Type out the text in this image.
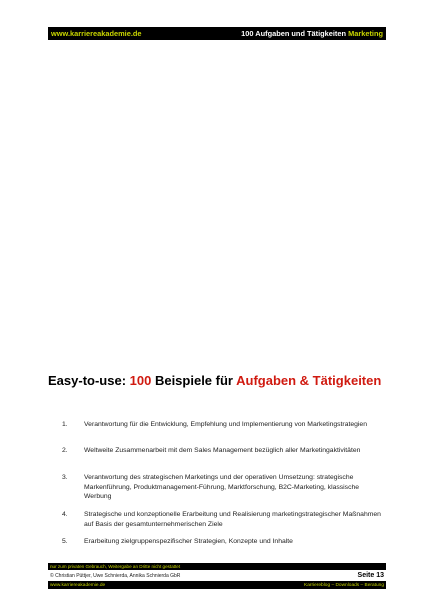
www.karriereakademie.de	100 Aufgaben und Tätigkeiten Marketing
Easy-to-use: 100 Beispiele für Aufgaben & Tätigkeiten
1.	Verantwortung für die Entwicklung, Empfehlung und Implementierung von Marketingstrategien
2.	Weltweite Zusammenarbeit mit dem Sales Management bezüglich aller Marketingaktivitäten
3.	Verantwortung des strategischen Marketings und der operativen Umsetzung: strategische Markenführung, Produktmanagement-Führung, Marktforschung, B2C-Marketing, klassische Werbung
4.	Strategische und konzeptionelle Erarbeitung und Realisierung marketingstrategischer Maßnahmen auf Basis der gesamtunternehmerischen Ziele
5.	Erarbeitung zielgruppenspezifischer Strategien, Konzepte und Inhalte
nur zum privaten Gebrauch, Weitergabe an Dritte nicht gestattet
© Christian Püttjer, Uwe Schnierda, Annika Schnierda GbR	Seite 13
www.karriereakademie.de	Karriereblog – Downloads – Beratung
